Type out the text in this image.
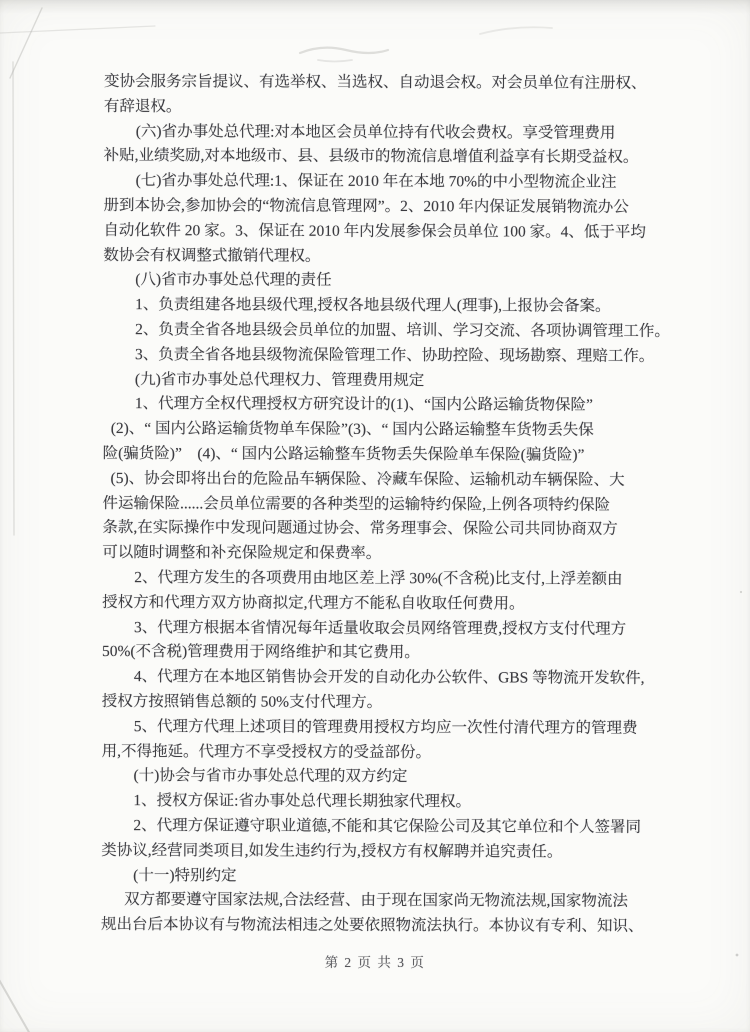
变协会服务宗旨提议、有选举权、当选权、自动退会权。对会员单位有注册权、
有辞退权。
(六)省办事处总代理:对本地区会员单位持有代收会费权。享受管理费用
补贴,业绩奖励,对本地级市、县、县级市的物流信息增值利益享有长期受益权。
(七)省办事处总代理:1、保证在 2010 年在本地 70%的中小型物流企业注
册到本协会,参加协会的“物流信息管理网”。2、2010 年内保证发展销物流办公
自动化软件 20 家。3、保证在 2010 年内发展参保会员单位 100 家。4、低于平均
数协会有权调整式撤销代理权。
(八)省市办事处总代理的责任
1、负责组建各地县级代理,授权各地县级代理人(理事),上报协会备案。
2、负责全省各地县级会员单位的加盟、培训、学习交流、各项协调管理工作。
3、负责全省各地县级物流保险管理工作、协助控险、现场勘察、理赔工作。
(九)省市办事处总代理权力、管理费用规定
1、代理方全权代理授权方研究设计的(1)、“国内公路运输货物保险”
(2)、“ 国内公路运输货物单车保险”(3)、“ 国内公路运输整车货物丢失保
险(骗货险)”　(4)、“ 国内公路运输整车货物丢失保险单车保险(骗货险)”
(5)、协会即将出台的危险品车辆保险、冷藏车保险、运输机动车辆保险、大
件运输保险......会员单位需要的各种类型的运输特约保险,上例各项特约保险
条款,在实际操作中发现问题通过协会、常务理事会、保险公司共同协商双方
可以随时调整和补充保险规定和保费率。
2、代理方发生的各项费用由地区差上浮 30%(不含税)比支付,上浮差额由
授权方和代理方双方协商拟定,代理方不能私自收取任何费用。
3、代理方根据本省情况每年适量收取会员网络管理费,授权方支付代理方
50%(不含税)管理费用于网络维护和其它费用。
4、代理方在本地区销售协会开发的自动化办公软件、GBS 等物流开发软件,
授权方按照销售总额的 50%支付代理方。
5、代理方代理上述项目的管理费用授权方均应一次性付清代理方的管理费
用,不得拖延。代理方不享受授权方的受益部份。
(十)协会与省市办事处总代理的双方约定
1、授权方保证:省办事处总代理长期独家代理权。
2、代理方保证遵守职业道德,不能和其它保险公司及其它单位和个人签署同
类协议,经营同类项目,如发生违约行为,授权方有权解聘并追究责任。
(十一)特别约定
双方都要遵守国家法规,合法经营、由于现在国家尚无物流法规,国家物流法
规出台后本协议有与物流法相违之处要依照物流法执行。本协议有专利、知识、
第 2 页 共 3 页
